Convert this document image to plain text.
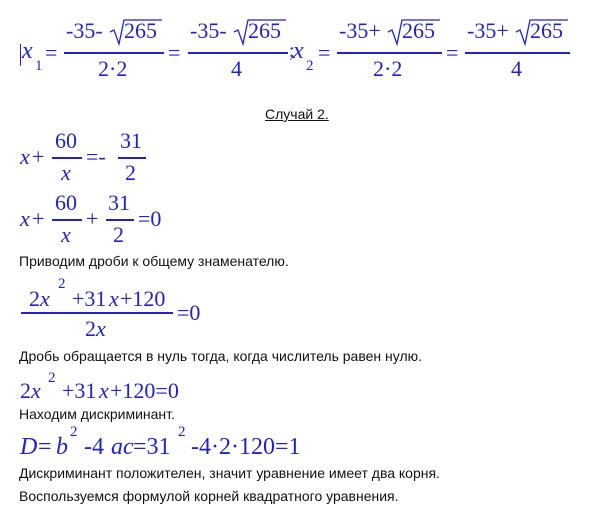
x
1
=
-35- 265
2·2
=
-35- 265
4
;
x
2
=
-35+ 265
2·2
=
-35+ 265
4
Случай 2.
x +
60
x
=-
31
2
x +
60
x
+
31
2
=0
Приводим дроби к общему знаменателю.
2 x
2
+31 x +120
2 x
=0
Дробь обращается в нуль тогда, когда числитель равен нулю.
2 x 2 +31 x +120=0
Находим дискриминант.
D = b
2
-4 ac =31
2
-4·2·120=1
Дискриминант положителен, значит уравнение имеет два корня.
Воспользуемся формулой корней квадратного уравнения.
